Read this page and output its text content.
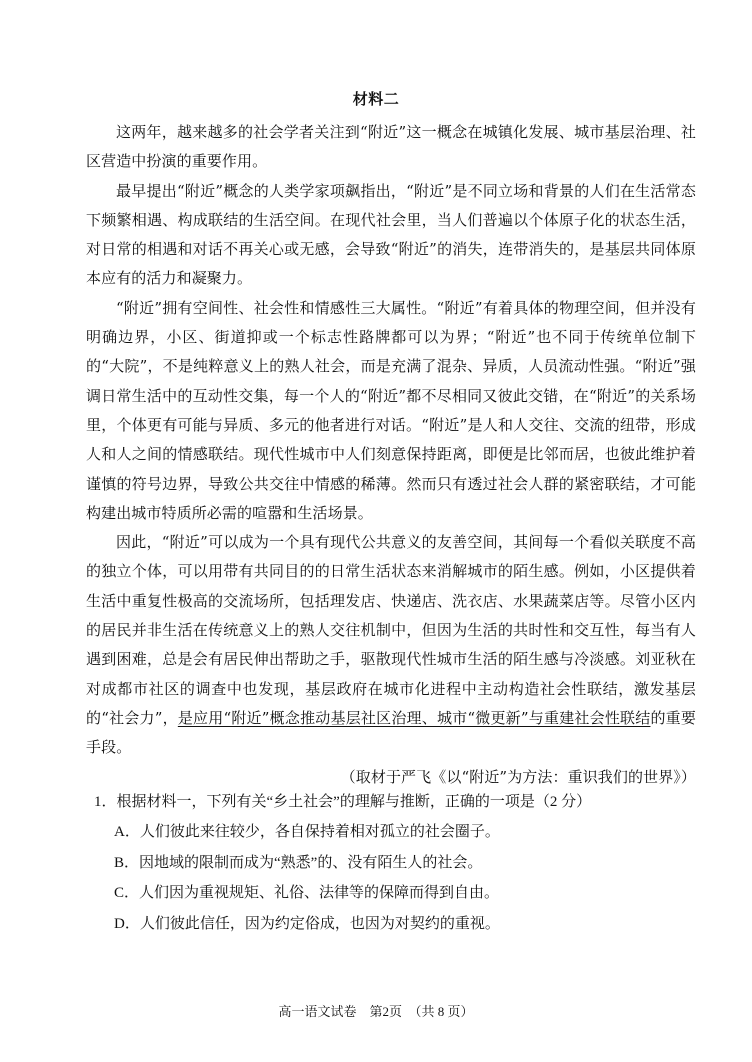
材料二

这两年，越来越多的社会学者关注到“附近”这一概念在城镇化发展、城市基层治理、社区营造中扮演的重要作用。

最早提出“附近”概念的人类学家项飙指出，“附近”是不同立场和背景的人们在生活常态下频繁相遇、构成联结的生活空间。在现代社会里，当人们普遍以个体原子化的状态生活，对日常的相遇和对话不再关心或无感，会导致“附近”的消失，连带消失的，是基层共同体原本应有的活力和凝聚力。

“附近”拥有空间性、社会性和情感性三大属性。“附近”有着具体的物理空间，但并没有明确边界，小区、街道抑或一个标志性路牌都可以为界；“附近”也不同于传统单位制下的“大院”，不是纯粹意义上的熟人社会，而是充满了混杂、异质，人员流动性强。“附近”强调日常生活中的互动性交集，每一个人的“附近”都不尽相同又彼此交错，在“附近”的关系场里，个体更有可能与异质、多元的他者进行对话。“附近”是人和人交往、交流的纽带，形成人和人之间的情感联结。现代性城市中人们刻意保持距离，即便是比邻而居，也彼此维护着谨慎的符号边界，导致公共交往中情感的稀薄。然而只有透过社会人群的紧密联结，才可能构建出城市特质所必需的喧嚣和生活场景。

因此，“附近”可以成为一个具有现代公共意义的友善空间，其间每一个看似关联度不高的独立个体，可以用带有共同目的的日常生活状态来消解城市的陌生感。例如，小区提供着生活中重复性极高的交流场所，包括理发店、快递店、洗衣店、水果蔬菜店等。尽管小区内的居民并非生活在传统意义上的熟人交往机制中，但因为生活的共时性和交互性，每当有人遇到困难，总是会有居民伸出帮助之手，驱散现代性城市生活的陌生感与冷淡感。刘亚秋在对成都市社区的调查中也发现，基层政府在城市化进程中主动构造社会性联结，激发基层的“社会力”，是应用“附近”概念推动基层社区治理、城市“微更新”与重建社会性联结的重要手段。

（取材于严飞《以“附近”为方法：重识我们的世界》）

1．根据材料一，下列有关“乡土社会”的理解与推断，正确的一项是（2 分）

A．人们彼此来往较少，各自保持着相对孤立的社会圈子。

B．因地域的限制而成为“熟悉”的、没有陌生人的社会。

C．人们因为重视规矩、礼俗、法律等的保障而得到自由。

D．人们彼此信任，因为约定俗成，也因为对契约的重视。

高一语文试卷　第2页　（共 8 页）
